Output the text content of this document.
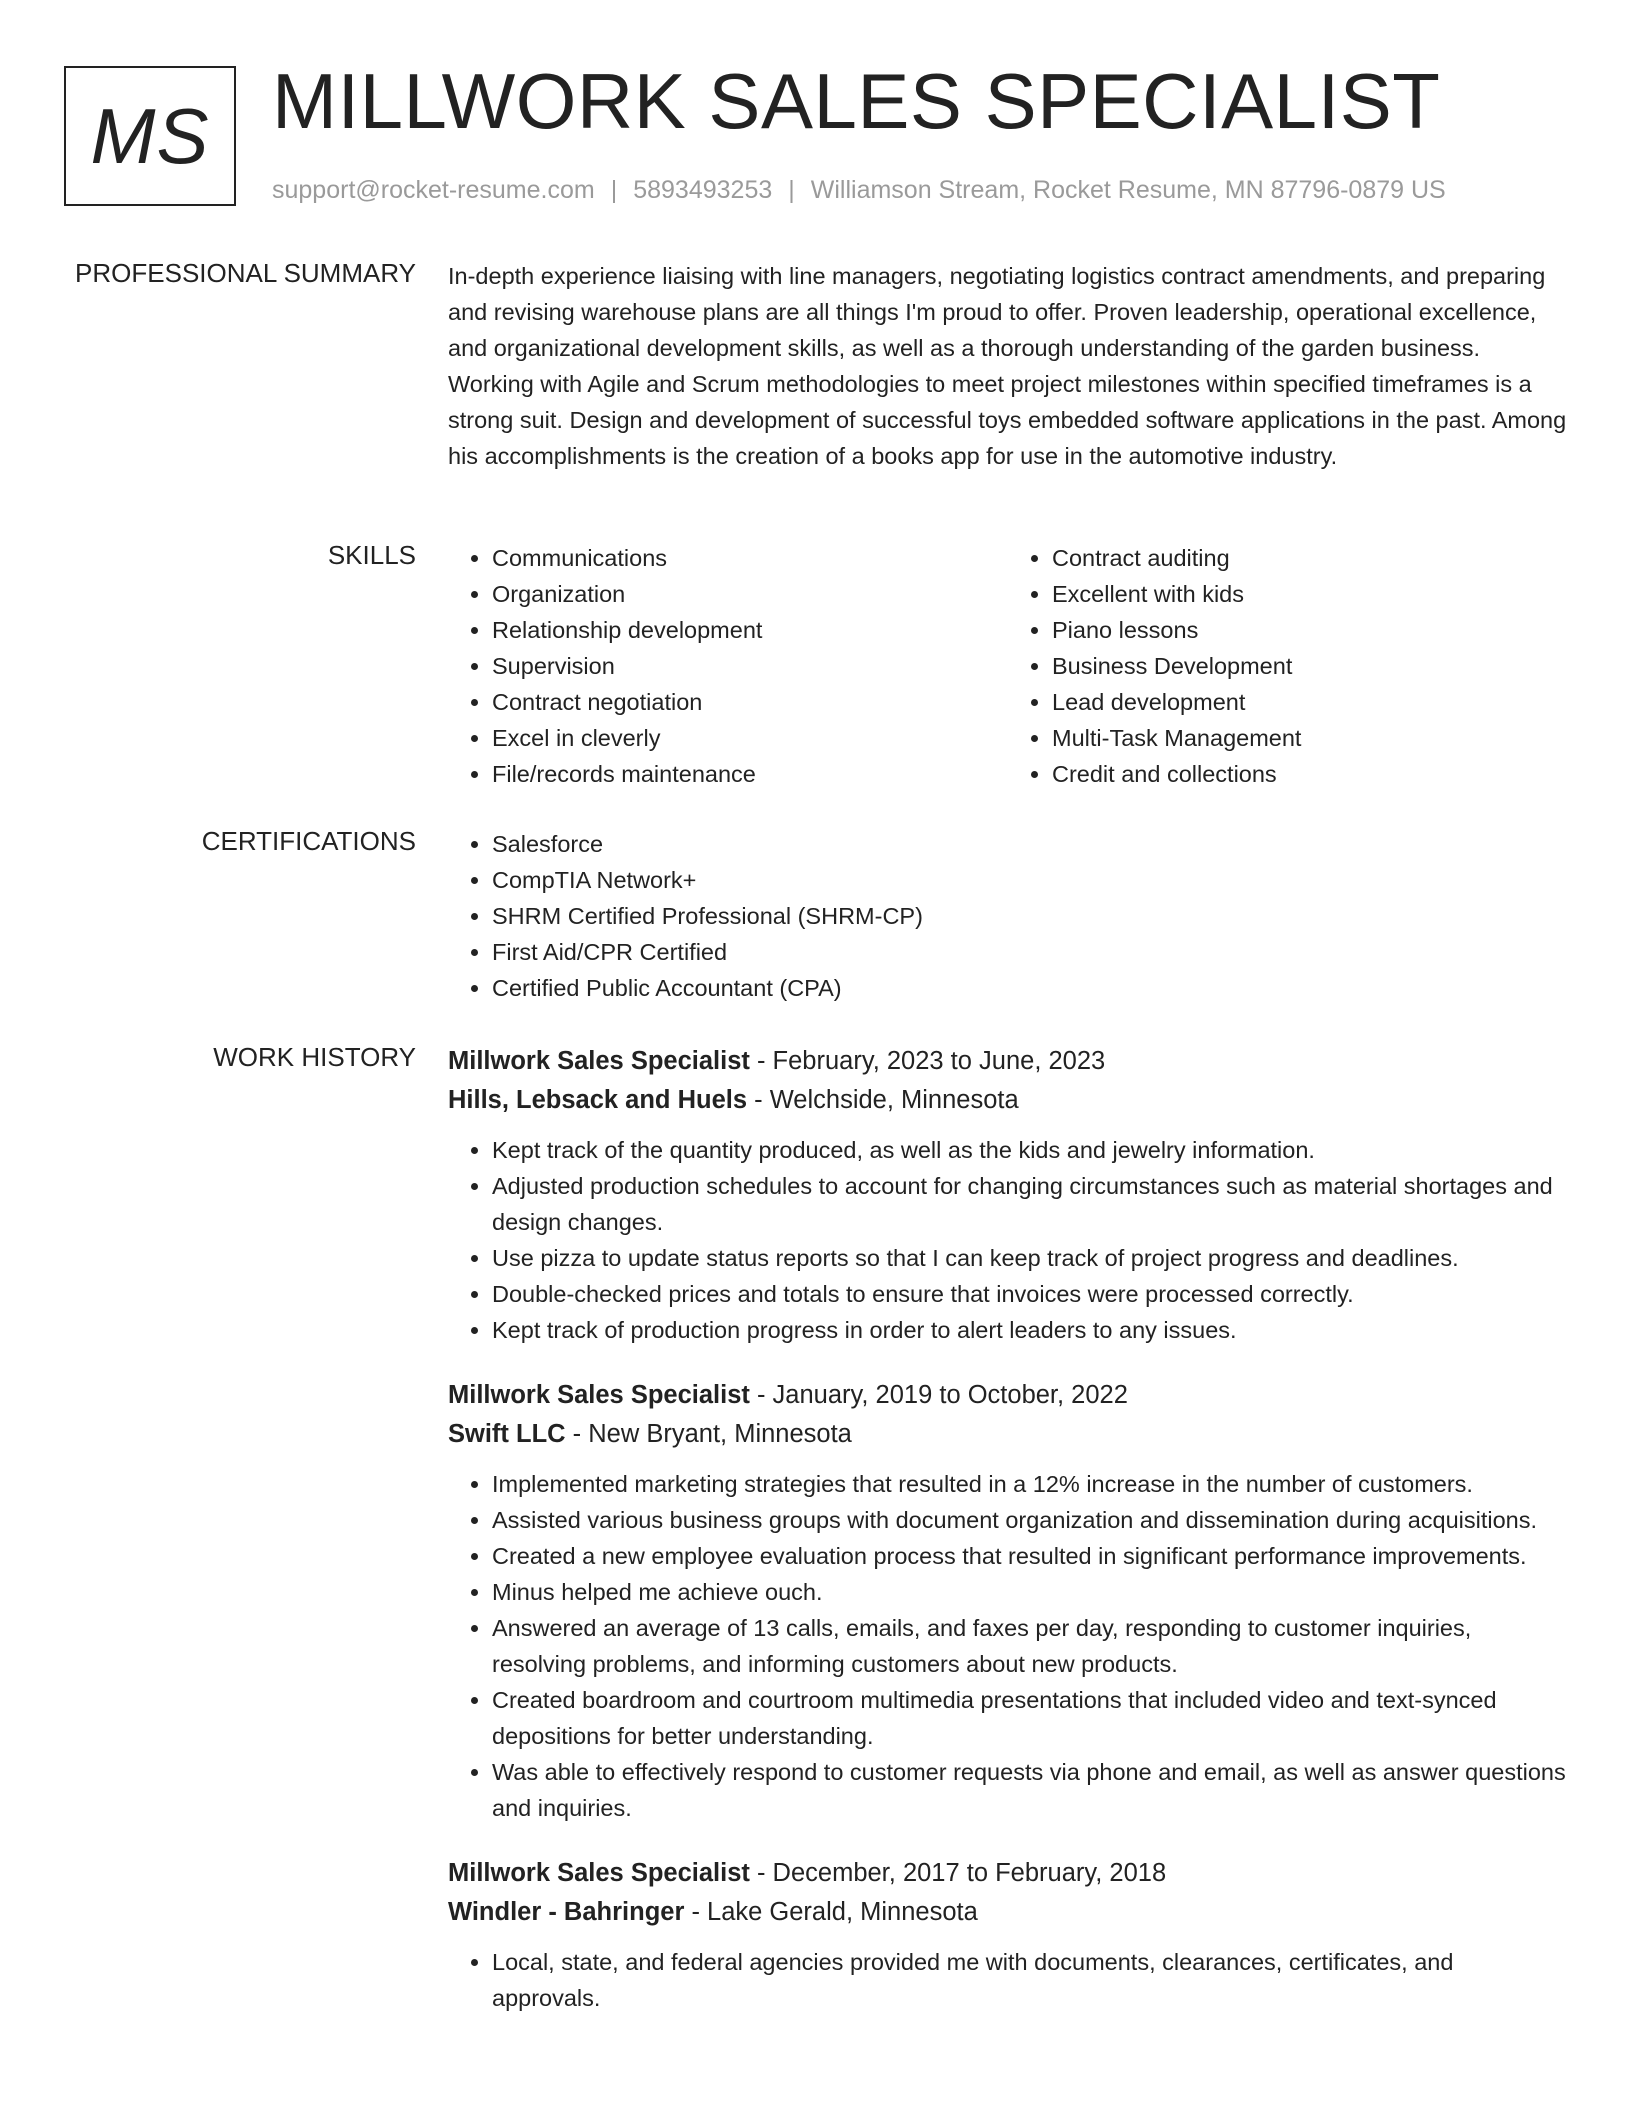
MS MILLWORK SALES SPECIALIST
support@rocket-resume.com | 5893493253 | Williamson Stream, Rocket Resume, MN 87796-0879 US
PROFESSIONAL SUMMARY In-depth experience liaising with line managers, negotiating logistics contract amendments, and preparing and revising warehouse plans are all things I'm proud to offer. Proven leadership, operational excellence, and organizational development skills, as well as a thorough understanding of the garden business. Working with Agile and Scrum methodologies to meet project milestones within specified timeframes is a strong suit. Design and development of successful toys embedded software applications in the past. Among his accomplishments is the creation of a books app for use in the automotive industry.

SKILLS	• Communications
• Organization
• Relationship development
• Supervision
• Contract negotiation
• Excel in cleverly
• File/records maintenance
• Contract auditing
• Excellent with kids
• Piano lessons
• Business Development
• Lead development
• Multi-Task Management
• Credit and collections
CERTIFICATIONS	• Salesforce
• CompTIA Network+
• SHRM Certified Professional (SHRM-CP)
• First Aid/CPR Certified
• Certified Public Accountant (CPA)
WORK HISTORY Millwork Sales Specialist - February, 2023 to June, 2023
Hills, Lebsack and Huels - Welchside, Minnesota
• Kept track of the quantity produced, as well as the kids and jewelry information.
• Adjusted production schedules to account for changing circumstances such as material shortages and design changes.
• Use pizza to update status reports so that I can keep track of project progress and deadlines.
• Double-checked prices and totals to ensure that invoices were processed correctly.
• Kept track of production progress in order to alert leaders to any issues.
Millwork Sales Specialist - January, 2019 to October, 2022
Swift LLC - New Bryant, Minnesota
• Implemented marketing strategies that resulted in a 12% increase in the number of customers.
• Assisted various business groups with document organization and dissemination during acquisitions.
• Created a new employee evaluation process that resulted in significant performance improvements.
• Minus helped me achieve ouch.
• Answered an average of 13 calls, emails, and faxes per day, responding to customer inquiries, resolving problems, and informing customers about new products.
• Created boardroom and courtroom multimedia presentations that included video and text-synced depositions for better understanding.
• Was able to effectively respond to customer requests via phone and email, as well as answer questions and inquiries.
Millwork Sales Specialist - December, 2017 to February, 2018
Windler - Bahringer - Lake Gerald, Minnesota
• Local, state, and federal agencies provided me with documents, clearances, certificates, and approvals.
